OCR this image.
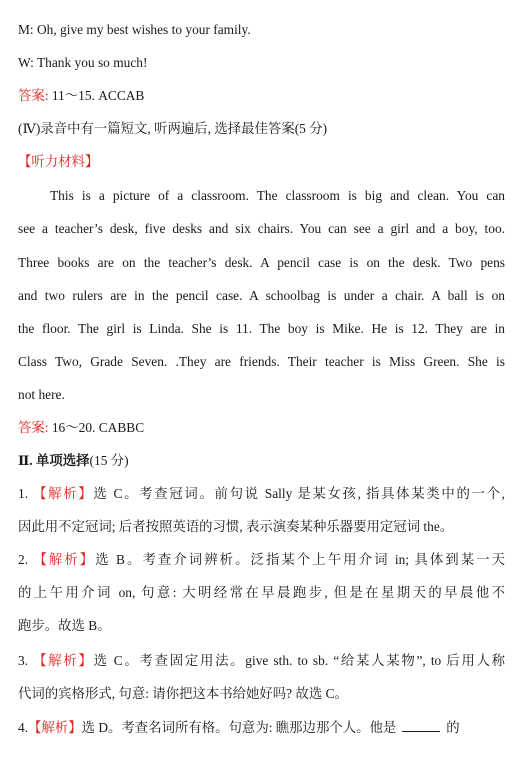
M: Oh, give my best wishes to your family.
W: Thank you so much!
答案: 11～15. ACCAB
(Ⅳ)录音中有一篇短文, 听两遍后, 选择最佳答案(5 分)
【听力材料】
This is a picture of a classroom. The classroom is big and clean. You can
see a teacher’s desk, five desks and six chairs. You can see a girl and a boy, too.
Three books are on the teacher’s desk. A pencil case is on the desk. Two pens
and two rulers are in the pencil case. A schoolbag is under a chair. A ball is on
the floor. The girl is Linda. She is 11. The boy is Mike. He is 12. They are in
Class Two, Grade Seven. .They are friends. Their teacher is Miss Green. She is
not here.
答案: 16～20. CABBC
Ⅱ. 单项选择(15 分)
1. 【解析】选 C。考查冠词。前句说 Sally 是某女孩, 指具体某类中的一个,
因此用不定冠词; 后者按照英语的习惯, 表示演奏某种乐器要用定冠词 the。
2. 【解析】选 B。考查介词辨析。泛指某个上午用介词 in; 具体到某一天
的上午用介词 on, 句意: 大明经常在早晨跑步, 但是在星期天的早晨他不
跑步。故选 B。
3. 【解析】选 C。考查固定用法。give sth. to sb. “给某人某物”, to 后用人称
代词的宾格形式, 句意: 请你把这本书给她好吗? 故选 C。
4.【解析】选 D。考查名词所有格。句意为: 瞧那边那个人。他是	的
